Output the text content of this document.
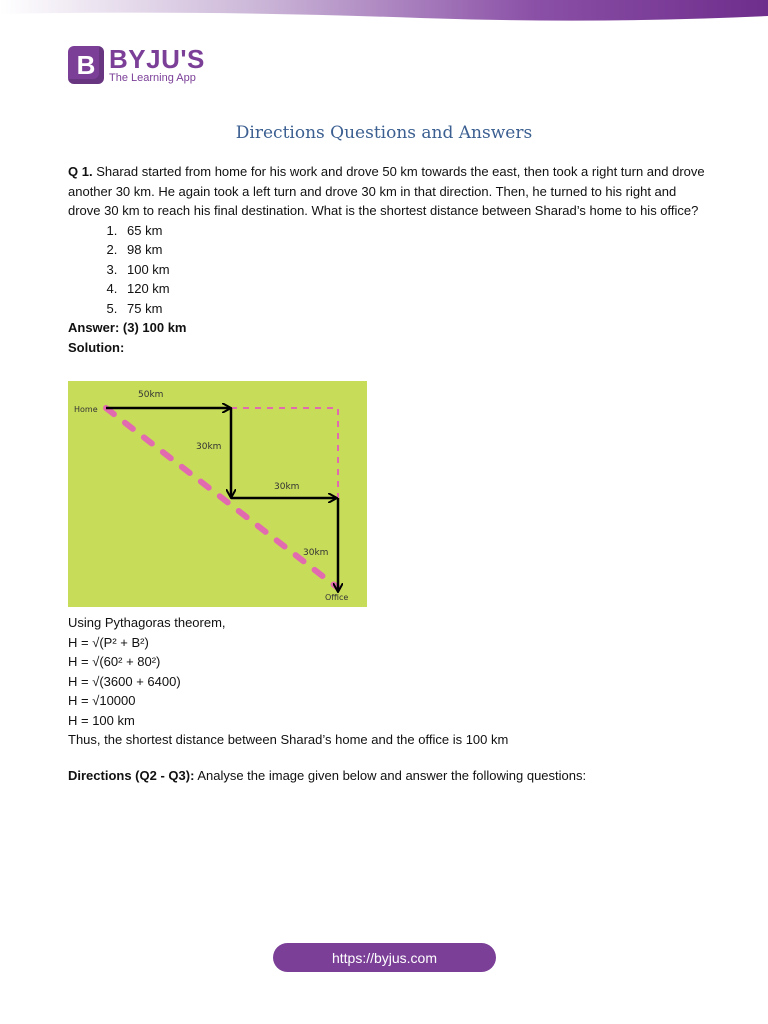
B BYJU'S
The Learning App
Directions Questions and Answers

Q 1. Sharad started from home for his work and drove 50 km towards the east, then took a right turn and drove another 30 km. He again took a left turn and drove 30 km in that direction. Then, he turned to his right and drove 30 km to reach his final destination. What is the shortest distance between Sharad’s home to his office?

1. 65 km
2. 98 km
3. 100 km
4. 120 km
5. 75 km

Answer: (3) 100 km

Solution:

Home
50km
30km
30km
30km
Office

Using Pythagoras theorem,

H = √(P² + B²)

H = √(60² + 80²)

H = √(3600 + 6400)

H = √10000

H = 100 km

Thus, the shortest distance between Sharad’s home and the office is 100 km

Directions (Q2 - Q3): Analyse the image given below and answer the following questions:
https://byjus.com
